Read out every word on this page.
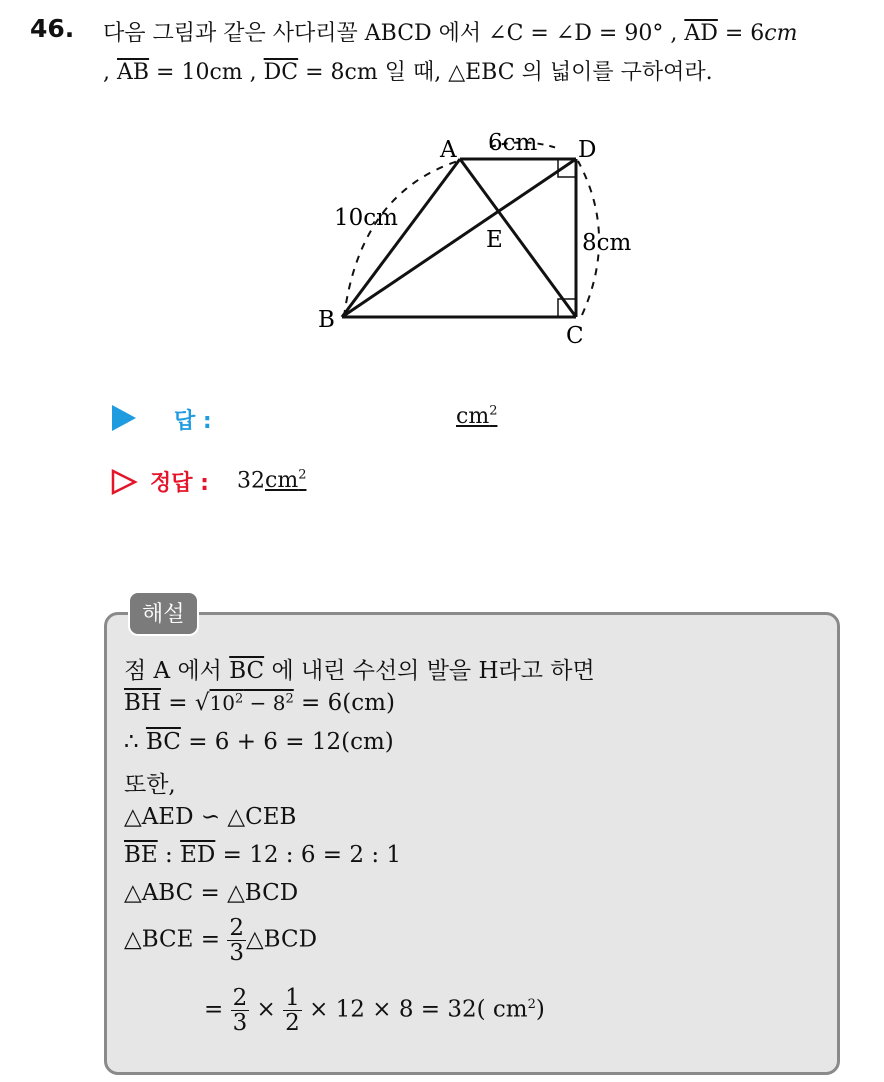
46. 다음 그림과 같은 사다리꼴 ABCD 에서 ∠C = ∠D = 90° , $\overline{AD} = 6cm$
, $\overline{AB} = 10cm$ , $\overline{DC} = 8cm$ 일 때, △EBC 의 넓이를 구하여라.
A	D
B
C
E
6cm
10cm
8cm
답 :	$cm^2$
정답 : $32cm^2$
해설
점 A 에서 $\overline{BC}$ 에 내린 수선의 발을 H라고 하면
$\overline{BH} = √10^2 - 8^2 = 6(cm)$
∴ $\overline{BC} = 6 + 6 = 12(cm)$
또한,
△AED ∽ △CEB
$\overline{BE}$ : $\overline{ED} = 12$ : 6 = 2 : 1
△ABC = △BCD
△BCE = $\frac{2}{3}$ △BCD
= $\frac{2}{3} \times \frac{1}{2} \times 12 \times 8 = 32$( $cm^2$)
